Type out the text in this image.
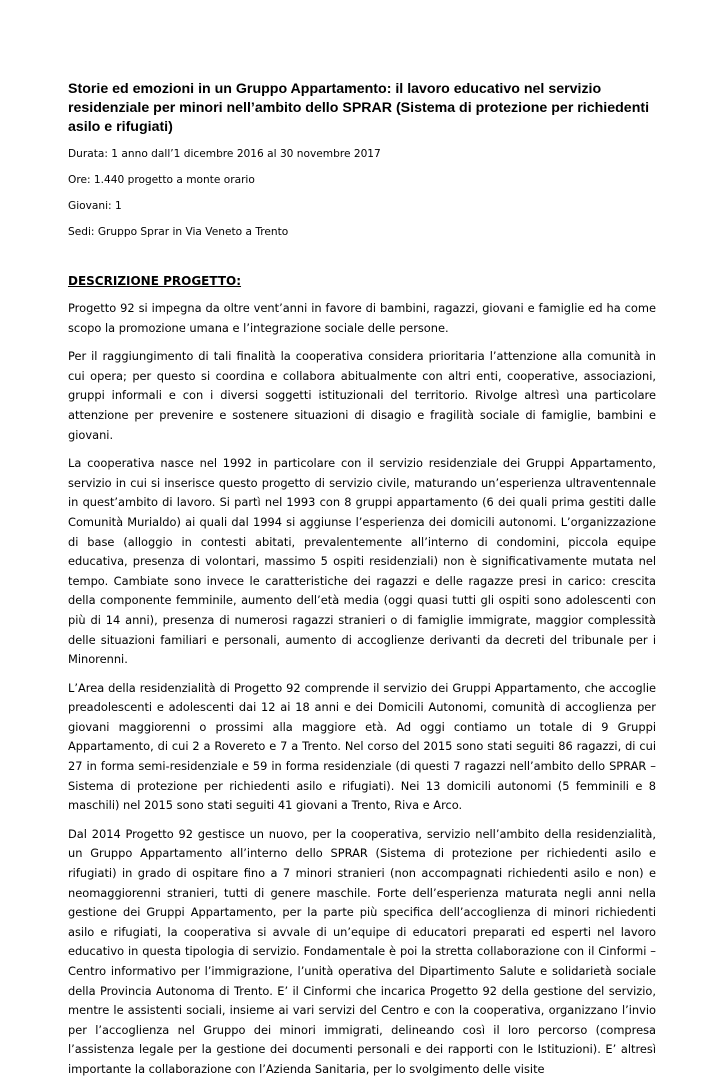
Storie ed emozioni in un Gruppo Appartamento: il lavoro educativo nel servizio residenziale per minori nell’ambito dello SPRAR (Sistema di protezione per richiedenti asilo e rifugiati)

Durata: 1 anno dall’1 dicembre 2016 al 30 novembre 2017

Ore: 1.440 progetto a monte orario

Giovani: 1

Sedi: Gruppo Sprar in Via Veneto a Trento

DESCRIZIONE PROGETTO:

Progetto 92 si impegna da oltre vent’anni in favore di bambini, ragazzi, giovani e famiglie ed ha come scopo la promozione umana e l’integrazione sociale delle persone.

Per il raggiungimento di tali finalità la cooperativa considera prioritaria l’attenzione alla comunità in cui opera; per questo si coordina e collabora abitualmente con altri enti, cooperative, associazioni, gruppi informali e con i diversi soggetti istituzionali del territorio. Rivolge altresì una particolare attenzione per prevenire e sostenere situazioni di disagio e fragilità sociale di famiglie, bambini e giovani.

La cooperativa nasce nel 1992 in particolare con il servizio residenziale dei Gruppi Appartamento, servizio in cui si inserisce questo progetto di servizio civile, maturando un’esperienza ultraventennale in quest’ambito di lavoro. Si partì nel 1993 con 8 gruppi appartamento (6 dei quali prima gestiti dalle Comunità Murialdo) ai quali dal 1994 si aggiunse l’esperienza dei domicili autonomi. L’organizzazione di base (alloggio in contesti abitati, prevalentemente all’interno di condomini, piccola equipe educativa, presenza di volontari, massimo 5 ospiti residenziali) non è significativamente mutata nel tempo. Cambiate sono invece le caratteristiche dei ragazzi e delle ragazze presi in carico: crescita della componente femminile, aumento dell’età media (oggi quasi tutti gli ospiti sono adolescenti con più di 14 anni), presenza di numerosi ragazzi stranieri o di famiglie immigrate, maggior complessità delle situazioni familiari e personali, aumento di accoglienze derivanti da decreti del tribunale per i Minorenni.

L’Area della residenzialità di Progetto 92 comprende il servizio dei Gruppi Appartamento, che accoglie preadolescenti e adolescenti dai 12 ai 18 anni e dei Domicili Autonomi, comunità di accoglienza per giovani maggiorenni o prossimi alla maggiore età. Ad oggi contiamo un totale di 9 Gruppi Appartamento, di cui 2 a Rovereto e 7 a Trento. Nel corso del 2015 sono stati seguiti 86 ragazzi, di cui 27 in forma semi-residenziale e 59 in forma residenziale (di questi 7 ragazzi nell’ambito dello SPRAR – Sistema di protezione per richiedenti asilo e rifugiati). Nei 13 domicili autonomi (5 femminili e 8 maschili) nel 2015 sono stati seguiti 41 giovani a Trento, Riva e Arco.

Dal 2014 Progetto 92 gestisce un nuovo, per la cooperativa, servizio nell’ambito della residenzialità, un Gruppo Appartamento all’interno dello SPRAR (Sistema di protezione per richiedenti asilo e rifugiati) in grado di ospitare fino a 7 minori stranieri (non accompagnati richiedenti asilo e non) e neomaggiorenni stranieri, tutti di genere maschile. Forte dell’esperienza maturata negli anni nella gestione dei Gruppi Appartamento, per la parte più specifica dell’accoglienza di minori richiedenti asilo e rifugiati, la cooperativa si avvale di un’equipe di educatori preparati ed esperti nel lavoro educativo in questa tipologia di servizio. Fondamentale è poi la stretta collaborazione con il Cinformi – Centro informativo per l’immigrazione, l’unità operativa del Dipartimento Salute e solidarietà sociale della Provincia Autonoma di Trento. E’ il Cinformi che incarica Progetto 92 della gestione del servizio, mentre le assistenti sociali, insieme ai vari servizi del Centro e con la cooperativa, organizzano l’invio per l’accoglienza nel Gruppo dei minori immigrati, delineando così il loro percorso (compresa l’assistenza legale per la gestione dei documenti personali e dei rapporti con le Istituzioni). E’ altresì importante la collaborazione con l’Azienda Sanitaria, per lo svolgimento delle visite
